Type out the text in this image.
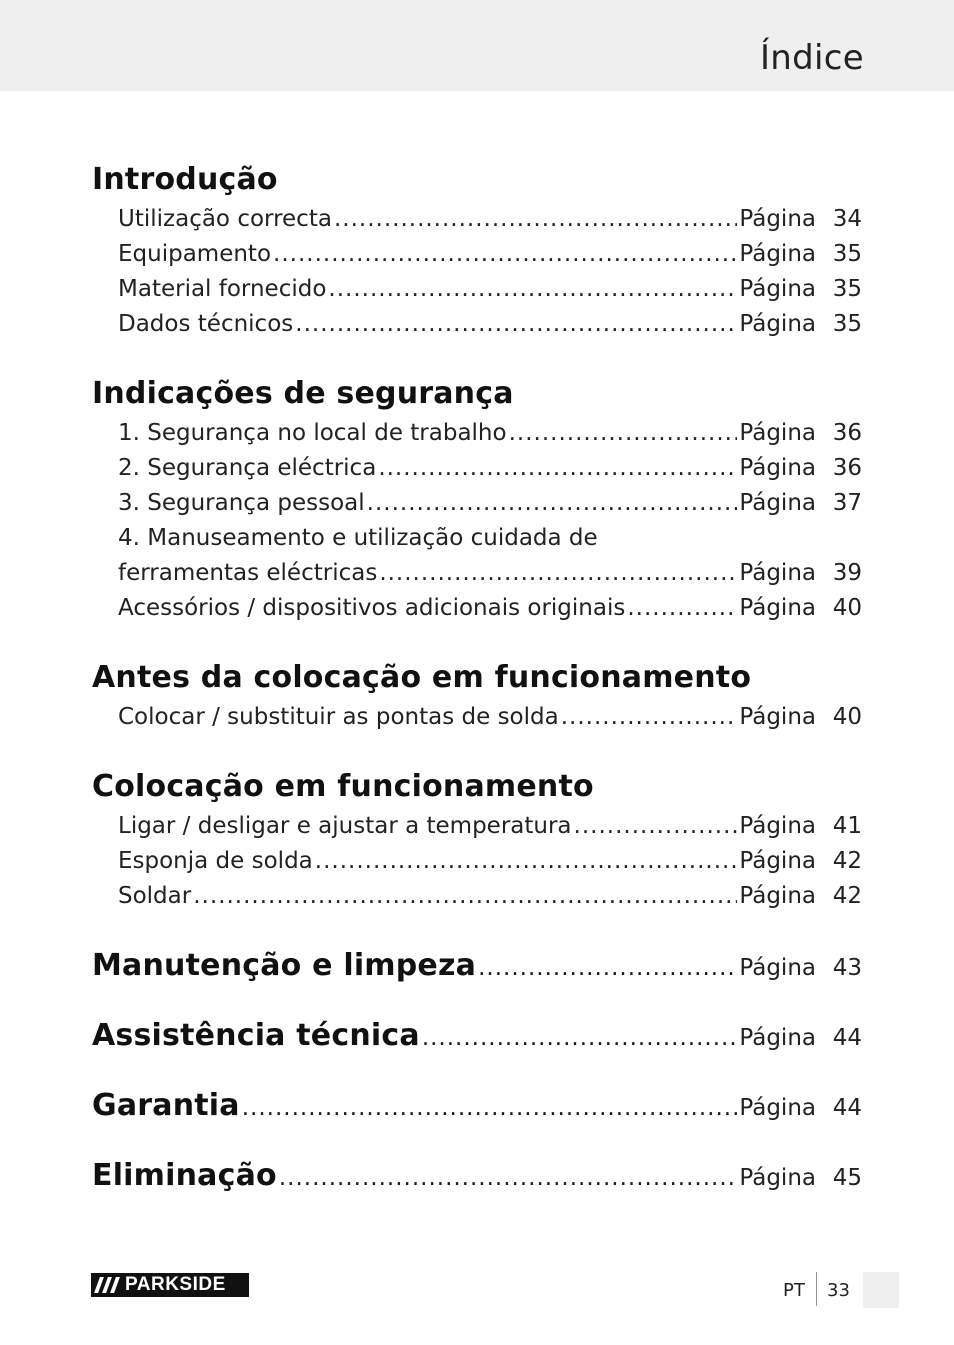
Índice
Introdução
Utilização correcta .....	Página 34
Equipamento .....	Página 35
Material fornecido .....	Página 35
Dados técnicos .....	Página 35
Indicações de segurança
1. Segurança no local de trabalho .....	Página 36
2. Segurança eléctrica .....	Página 36
3. Segurança pessoal .....	Página 37
4. Manuseamento e utilização cuidada de
ferramentas eléctricas .....	Página 39
Acessórios / dispositivos adicionais originais .....	Página 40
Antes da colocação em funcionamento
Colocar / substituir as pontas de solda .....	Página 40
Colocação em funcionamento
Ligar / desligar e ajustar a temperatura .....	Página 41
Esponja de solda .....	Página 42
Soldar .....	Página 42
Manutenção e limpeza .....	Página 43
Assistência técnica .....	Página 44
Garantia .....	Página 44
Eliminação .....	Página 45
PARKSIDE	PT 33
